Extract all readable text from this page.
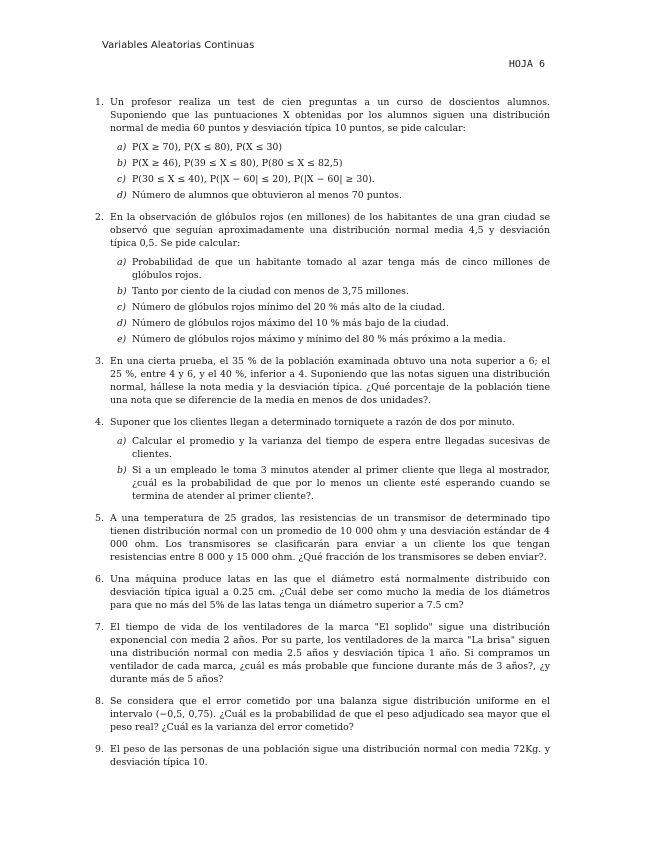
Variables Aleatorias Continuas
HOJA 6
1. Un profesor realiza un test de cien preguntas a un curso de doscientos alumnos. Suponiendo que las puntuaciones X obtenidas por los alumnos siguen una distribución normal de media 60 puntos y desviación típica 10 puntos, se pide calcular:
a) P(X ≥ 70), P(X ≤ 80), P(X ≤ 30)
b) P(X ≥ 46), P(39 ≤ X ≤ 80), P(80 ≤ X ≤ 82,5)
c) P(30 ≤ X ≤ 40), P(|X − 60| ≤ 20), P(|X − 60| ≥ 30).
d) Número de alumnos que obtuvieron al menos 70 puntos.
2. En la observación de glóbulos rojos (en millones) de los habitantes de una gran ciudad se observó que seguían aproximadamente una distribución normal media 4,5 y desviación típica 0,5. Se pide calcular:
a) Probabilidad de que un habitante tomado al azar tenga más de cinco millones de glóbulos rojos.
b) Tanto por ciento de la ciudad con menos de 3,75 millones.
c) Número de glóbulos rojos mínimo del 20 % más alto de la ciudad.
d) Número de glóbulos rojos máximo del 10 % más bajo de la ciudad.
e) Número de glóbulos rojos máximo y mínimo del 80 % más próximo a la media.
3. En una cierta prueba, el 35 % de la población examinada obtuvo una nota superior a 6; el 25 %, entre 4 y 6, y el 40 %, inferior a 4. Suponiendo que las notas siguen una distribución normal, hállese la nota media y la desviación típica. ¿Qué porcentaje de la población tiene una nota que se diferencie de la media en menos de dos unidades?.
4. Suponer que los clientes llegan a determinado torniquete a razón de dos por minuto.
a) Calcular el promedio y la varianza del tiempo de espera entre llegadas sucesivas de clientes.
b) Si a un empleado le toma 3 minutos atender al primer cliente que llega al mostrador, ¿cuál es la probabilidad de que por lo menos un cliente esté esperando cuando se termina de atender al primer cliente?.
5. A una temperatura de 25 grados, las resistencias de un transmisor de determinado tipo tienen distribución normal con un promedio de 10 000 ohm y una desviación estándar de 4 000 ohm. Los transmisores se clasificarán para enviar a un cliente los que tengan resistencias entre 8 000 y 15 000 ohm. ¿Qué fracción de los transmisores se deben enviar?.
6. Una máquina produce latas en las que el diámetro está normalmente distribuido con desviación típica igual a 0.25 cm. ¿Cuál debe ser como mucho la media de los diámetros para que no más del 5% de las latas tenga un diámetro superior a 7.5 cm?
7. El tiempo de vida de los ventiladores de la marca "El soplido" sigue una distribución exponencial con media 2 años. Por su parte, los ventiladores de la marca "La brisa" siguen una distribución normal con media 2.5 años y desviación típica 1 año. Si compramos un ventilador de cada marca, ¿cuál es más probable que funcione durante más de 3 años?, ¿y durante más de 5 años?
8. Se considera que el error cometido por una balanza sigue distribución uniforme en el intervalo (−0,5, 0,75). ¿Cuál es la probabilidad de que el peso adjudicado sea mayor que el peso real? ¿Cuál es la varianza del error cometido?
9. El peso de las personas de una población sigue una distribución normal con media 72Kg. y desviación típica 10.
